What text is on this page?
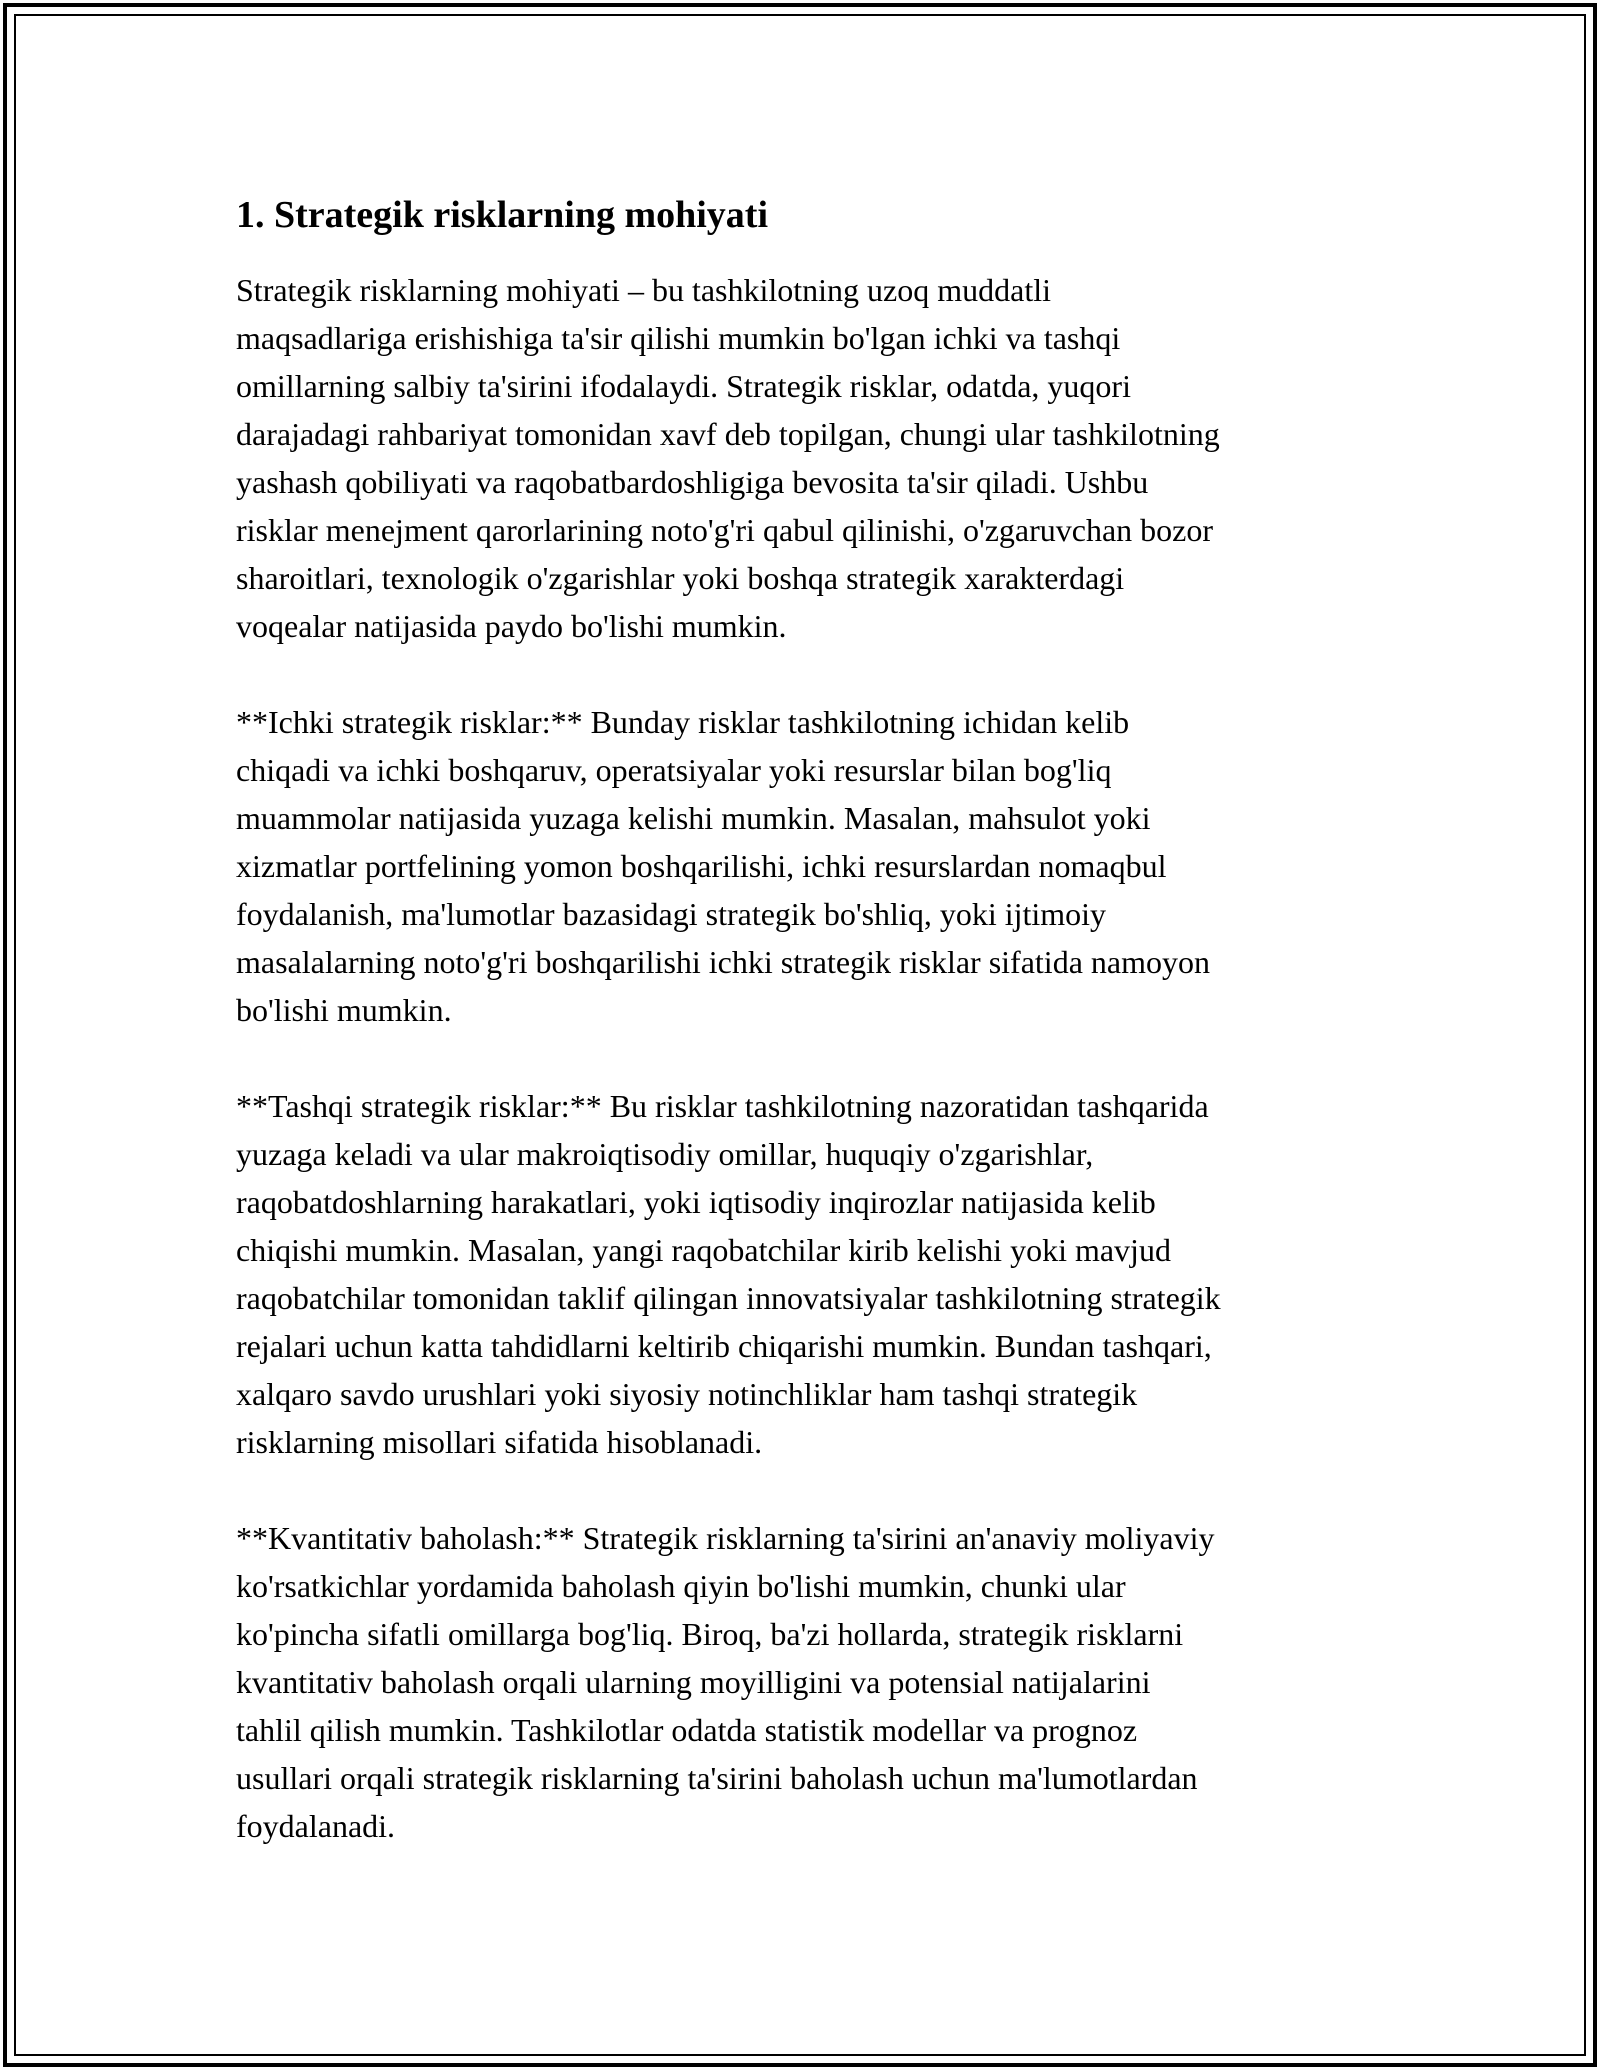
1. Strategik risklarning mohiyati

Strategik risklarning mohiyati – bu tashkilotning uzoq muddatli
maqsadlariga erishishiga ta'sir qilishi mumkin bo'lgan ichki va tashqi
omillarning salbiy ta'sirini ifodalaydi. Strategik risklar, odatda, yuqori
darajadagi rahbariyat tomonidan xavf deb topilgan, chungi ular tashkilotning
yashash qobiliyati va raqobatbardoshligiga bevosita ta'sir qiladi. Ushbu
risklar menejment qarorlarining noto'g'ri qabul qilinishi, o'zgaruvchan bozor
sharoitlari, texnologik o'zgarishlar yoki boshqa strategik xarakterdagi
voqealar natijasida paydo bo'lishi mumkin.

**Ichki strategik risklar:** Bunday risklar tashkilotning ichidan kelib
chiqadi va ichki boshqaruv, operatsiyalar yoki resurslar bilan bog'liq
muammolar natijasida yuzaga kelishi mumkin. Masalan, mahsulot yoki
xizmatlar portfelining yomon boshqarilishi, ichki resurslardan nomaqbul
foydalanish, ma'lumotlar bazasidagi strategik bo'shliq, yoki ijtimoiy
masalalarning noto'g'ri boshqarilishi ichki strategik risklar sifatida namoyon
bo'lishi mumkin.

**Tashqi strategik risklar:** Bu risklar tashkilotning nazoratidan tashqarida
yuzaga keladi va ular makroiqtisodiy omillar, huquqiy o'zgarishlar,
raqobatdoshlarning harakatlari, yoki iqtisodiy inqirozlar natijasida kelib
chiqishi mumkin. Masalan, yangi raqobatchilar kirib kelishi yoki mavjud
raqobatchilar tomonidan taklif qilingan innovatsiyalar tashkilotning strategik
rejalari uchun katta tahdidlarni keltirib chiqarishi mumkin. Bundan tashqari,
xalqaro savdo urushlari yoki siyosiy notinchliklar ham tashqi strategik
risklarning misollari sifatida hisoblanadi.

**Kvantitativ baholash:** Strategik risklarning ta'sirini an'anaviy moliyaviy
ko'rsatkichlar yordamida baholash qiyin bo'lishi mumkin, chunki ular
ko'pincha sifatli omillarga bog'liq. Biroq, ba'zi hollarda, strategik risklarni
kvantitativ baholash orqali ularning moyilligini va potensial natijalarini
tahlil qilish mumkin. Tashkilotlar odatda statistik modellar va prognoz
usullari orqali strategik risklarning ta'sirini baholash uchun ma'lumotlardan
foydalanadi.
